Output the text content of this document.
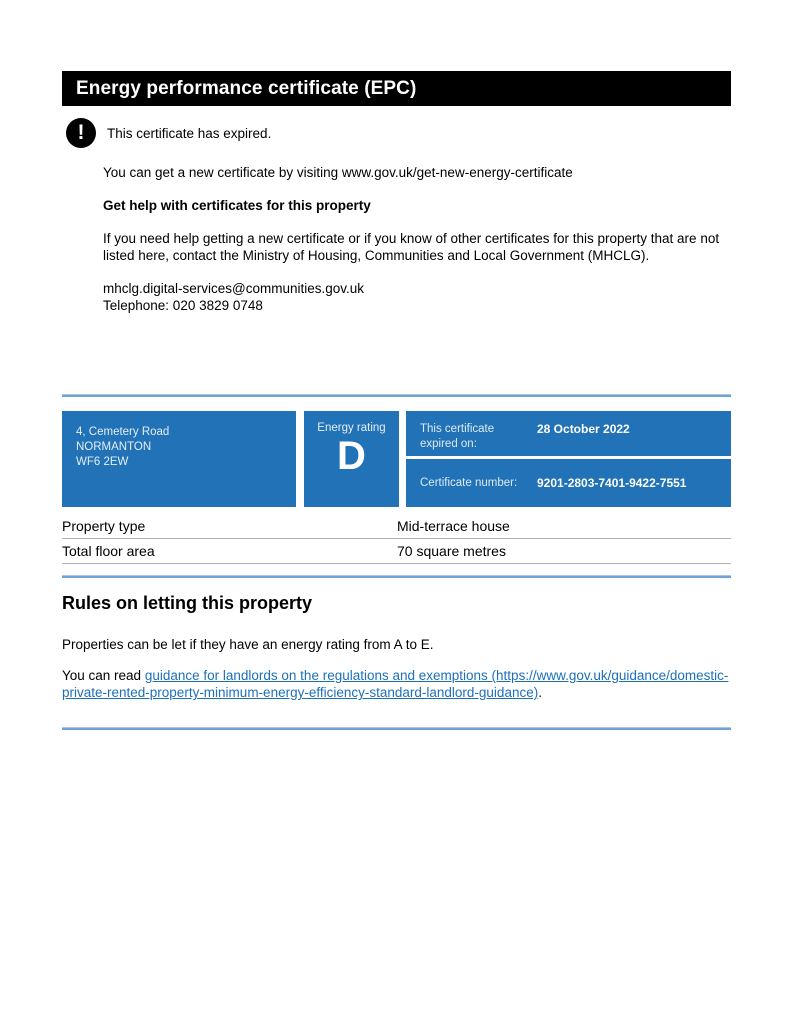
Energy performance certificate (EPC)
! This certificate has expired.

You can get a new certificate by visiting www.gov.uk/get-new-energy-certificate

Get help with certificates for this property

If you need help getting a new certificate or if you know of other certificates for this property that are not listed here, contact the Ministry of Housing, Communities and Local Government (MHCLG).

mhclg.digital-services@communities.gov.uk
Telephone: 020 3829 0748

4, Cemetery Road
NORMANTON
WF6 2EW
Energy rating
D
This certificate expired on:
28 October 2022
Certificate number:	9201-2803-7401-9422-7551
Property type	Mid-terrace house
Total floor area	70 square metres
Rules on letting this property

Properties can be let if they have an energy rating from A to E.

You can read guidance for landlords on the regulations and exemptions (https://www.gov.uk/guidance/domestic-private-rented-property-minimum-energy-efficiency-standard-landlord-guidance).
